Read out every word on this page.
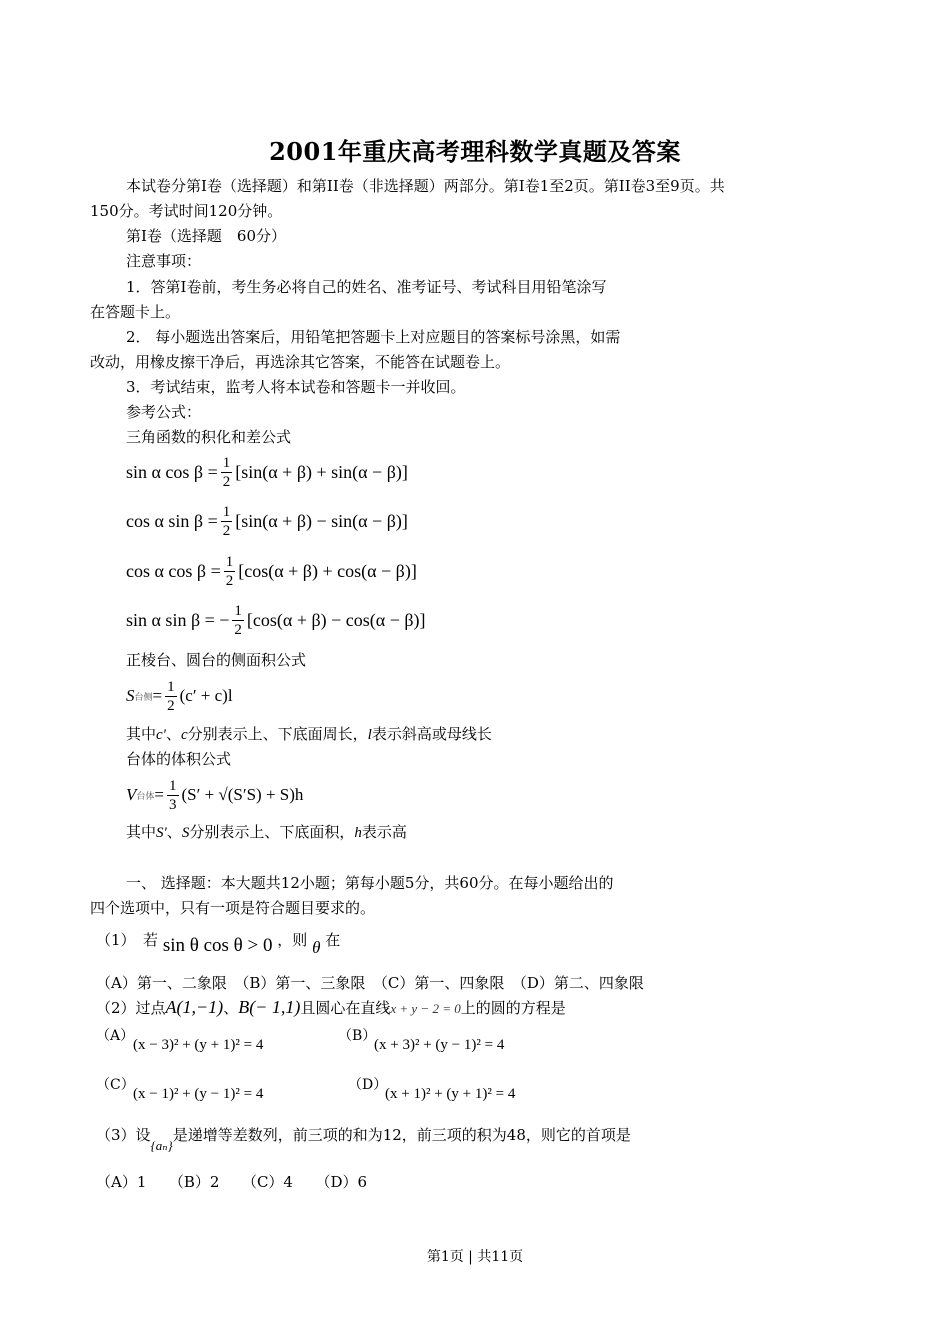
2001年重庆高考理科数学真题及答案
本试卷分第Ⅰ卷（选择题）和第II卷（非选择题）两部分。第Ⅰ卷1至2页。第II卷3至9页。共
150分。考试时间120分钟。
第Ⅰ卷（选择题　60分）
注意事项：
1．答第Ⅰ卷前，考生务必将自己的姓名、准考证号、考试科目用铅笔涂写
在答题卡上。
2． 每小题选出答案后，用铅笔把答题卡上对应题目的答案标号涂黑，如需
改动，用橡皮擦干净后，再选涂其它答案，不能答在试题卷上。
3．考试结束，监考人将本试卷和答题卡一并收回。
参考公式：
三角函数的积化和差公式
sin α $\cos \beta = \frac{1}{2} [\sin(\alpha + \beta) + \sin(\alpha - \beta)]$
cos α $\sin \beta = \frac{1}{2} [\sin(\alpha + \beta) - \sin(\alpha - \beta)]$
cos α $\cos \beta = \frac{1}{2} [\cos(\alpha + \beta) + \cos(\alpha - \beta)]$
sin α sin β = − $\frac{1}{2} [\cos(\alpha + \beta) - \cos(\alpha - \beta)]$
正棱台、圆台的侧面积公式
S 台侧 = $\frac{1}{2} (c' + c)l$
其中c′、c分别表示上、下底面周长，l表示斜高或母线长
台体的体积公式
V 台体 = $\frac{1}{3} (S' + √(S'S) + S)h$
其中S′、S分别表示上、下底面积，h表示高
一、 选择题：本大题共12小题；第每小题5分，共60分。在每小题给出的
四个选项中，只有一项是符合题目要求的。
（1）　若 sin θ cos θ > 0 ，则 θ 在
（A）第一、二象限　（B）第一、三象限　（C）第一、四象限　（D）第二、四象限
（2）过点A(1,−1)、B(− 1,1)且圆心在直线x + y − 2 = 0上的圆的方程是
（A）
(x − 3)² + (y + 1)² = 4
（B）
(x + 3)² + (y − 1)² = 4
（C）
(x − 1)² + (y − 1)² = 4
（D）
(x + 1)² + (y + 1)² = 4
（3）设{aₙ}是递增等差数列，前三项的和为12，前三项的积为48，则它的首项是
（A）1　　（B）2　　（C）4　　（D）6
第1页 | 共11页
